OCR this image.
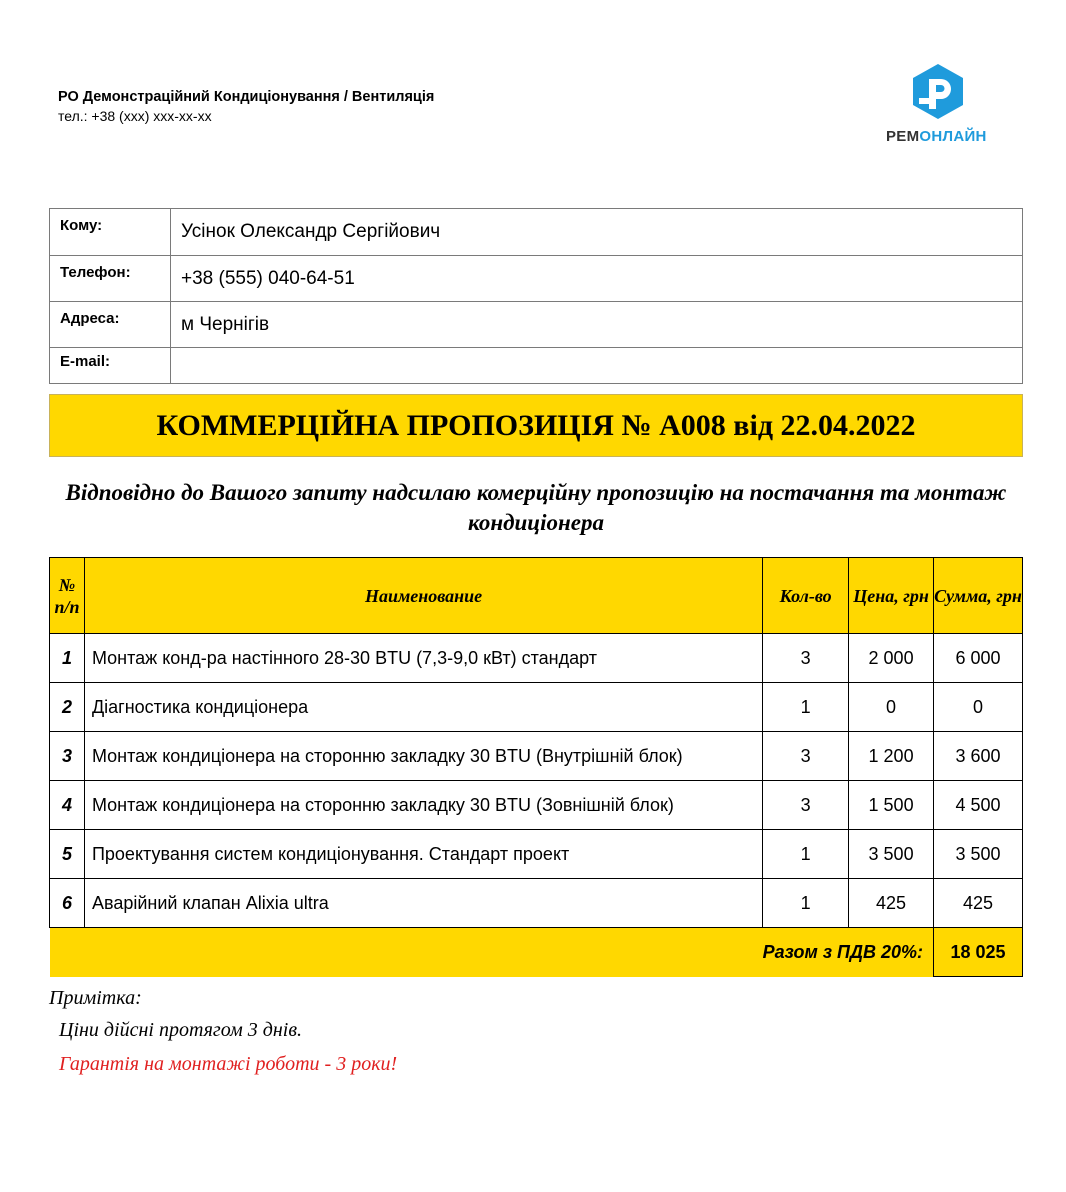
РО Демонстраційний Кондиціонування / Вентиляція
тел.: +38 (ххх) ххх-хх-хх
РЕМОНЛАЙН
Кому:	Усінок Олександр Сергійович
Телефон:	+38 (555) 040-64-51
Адреса:	м Чернігів
E-mail:	
КОММЕРЦІЙНА ПРОПОЗИЦІЯ № А008 від 22.04.2022
Відповідно до Вашого запиту надсилаю комерційну пропозицію на постачання та монтаж кондиціонера
№ п/п	Наименование	Кол-во	Цена, грн	Сумма, грн
1	Монтаж конд-ра настінного 28-30 BTU (7,3-9,0 кВт) стандарт	3	2 000	6 000
2	Діагностика кондиціонера	1	0	0
3	Монтаж кондиціонера на сторонню закладку 30 BTU (Внутрішній блок)	3	1 200	3 600
4	Монтаж кондиціонера на сторонню закладку 30 BTU (Зовнішній блок)	3	1 500	4 500
5	Проектування систем кондиціонування. Стандарт проект	1	3 500	3 500
6	Аварійний клапан Alixia ultra	1	425	425
Разом з ПДВ 20%:				18 025
Примітка:
Ціни дійсні протягом 3 днів.
Гарантія на монтажі роботи - 3 роки!
